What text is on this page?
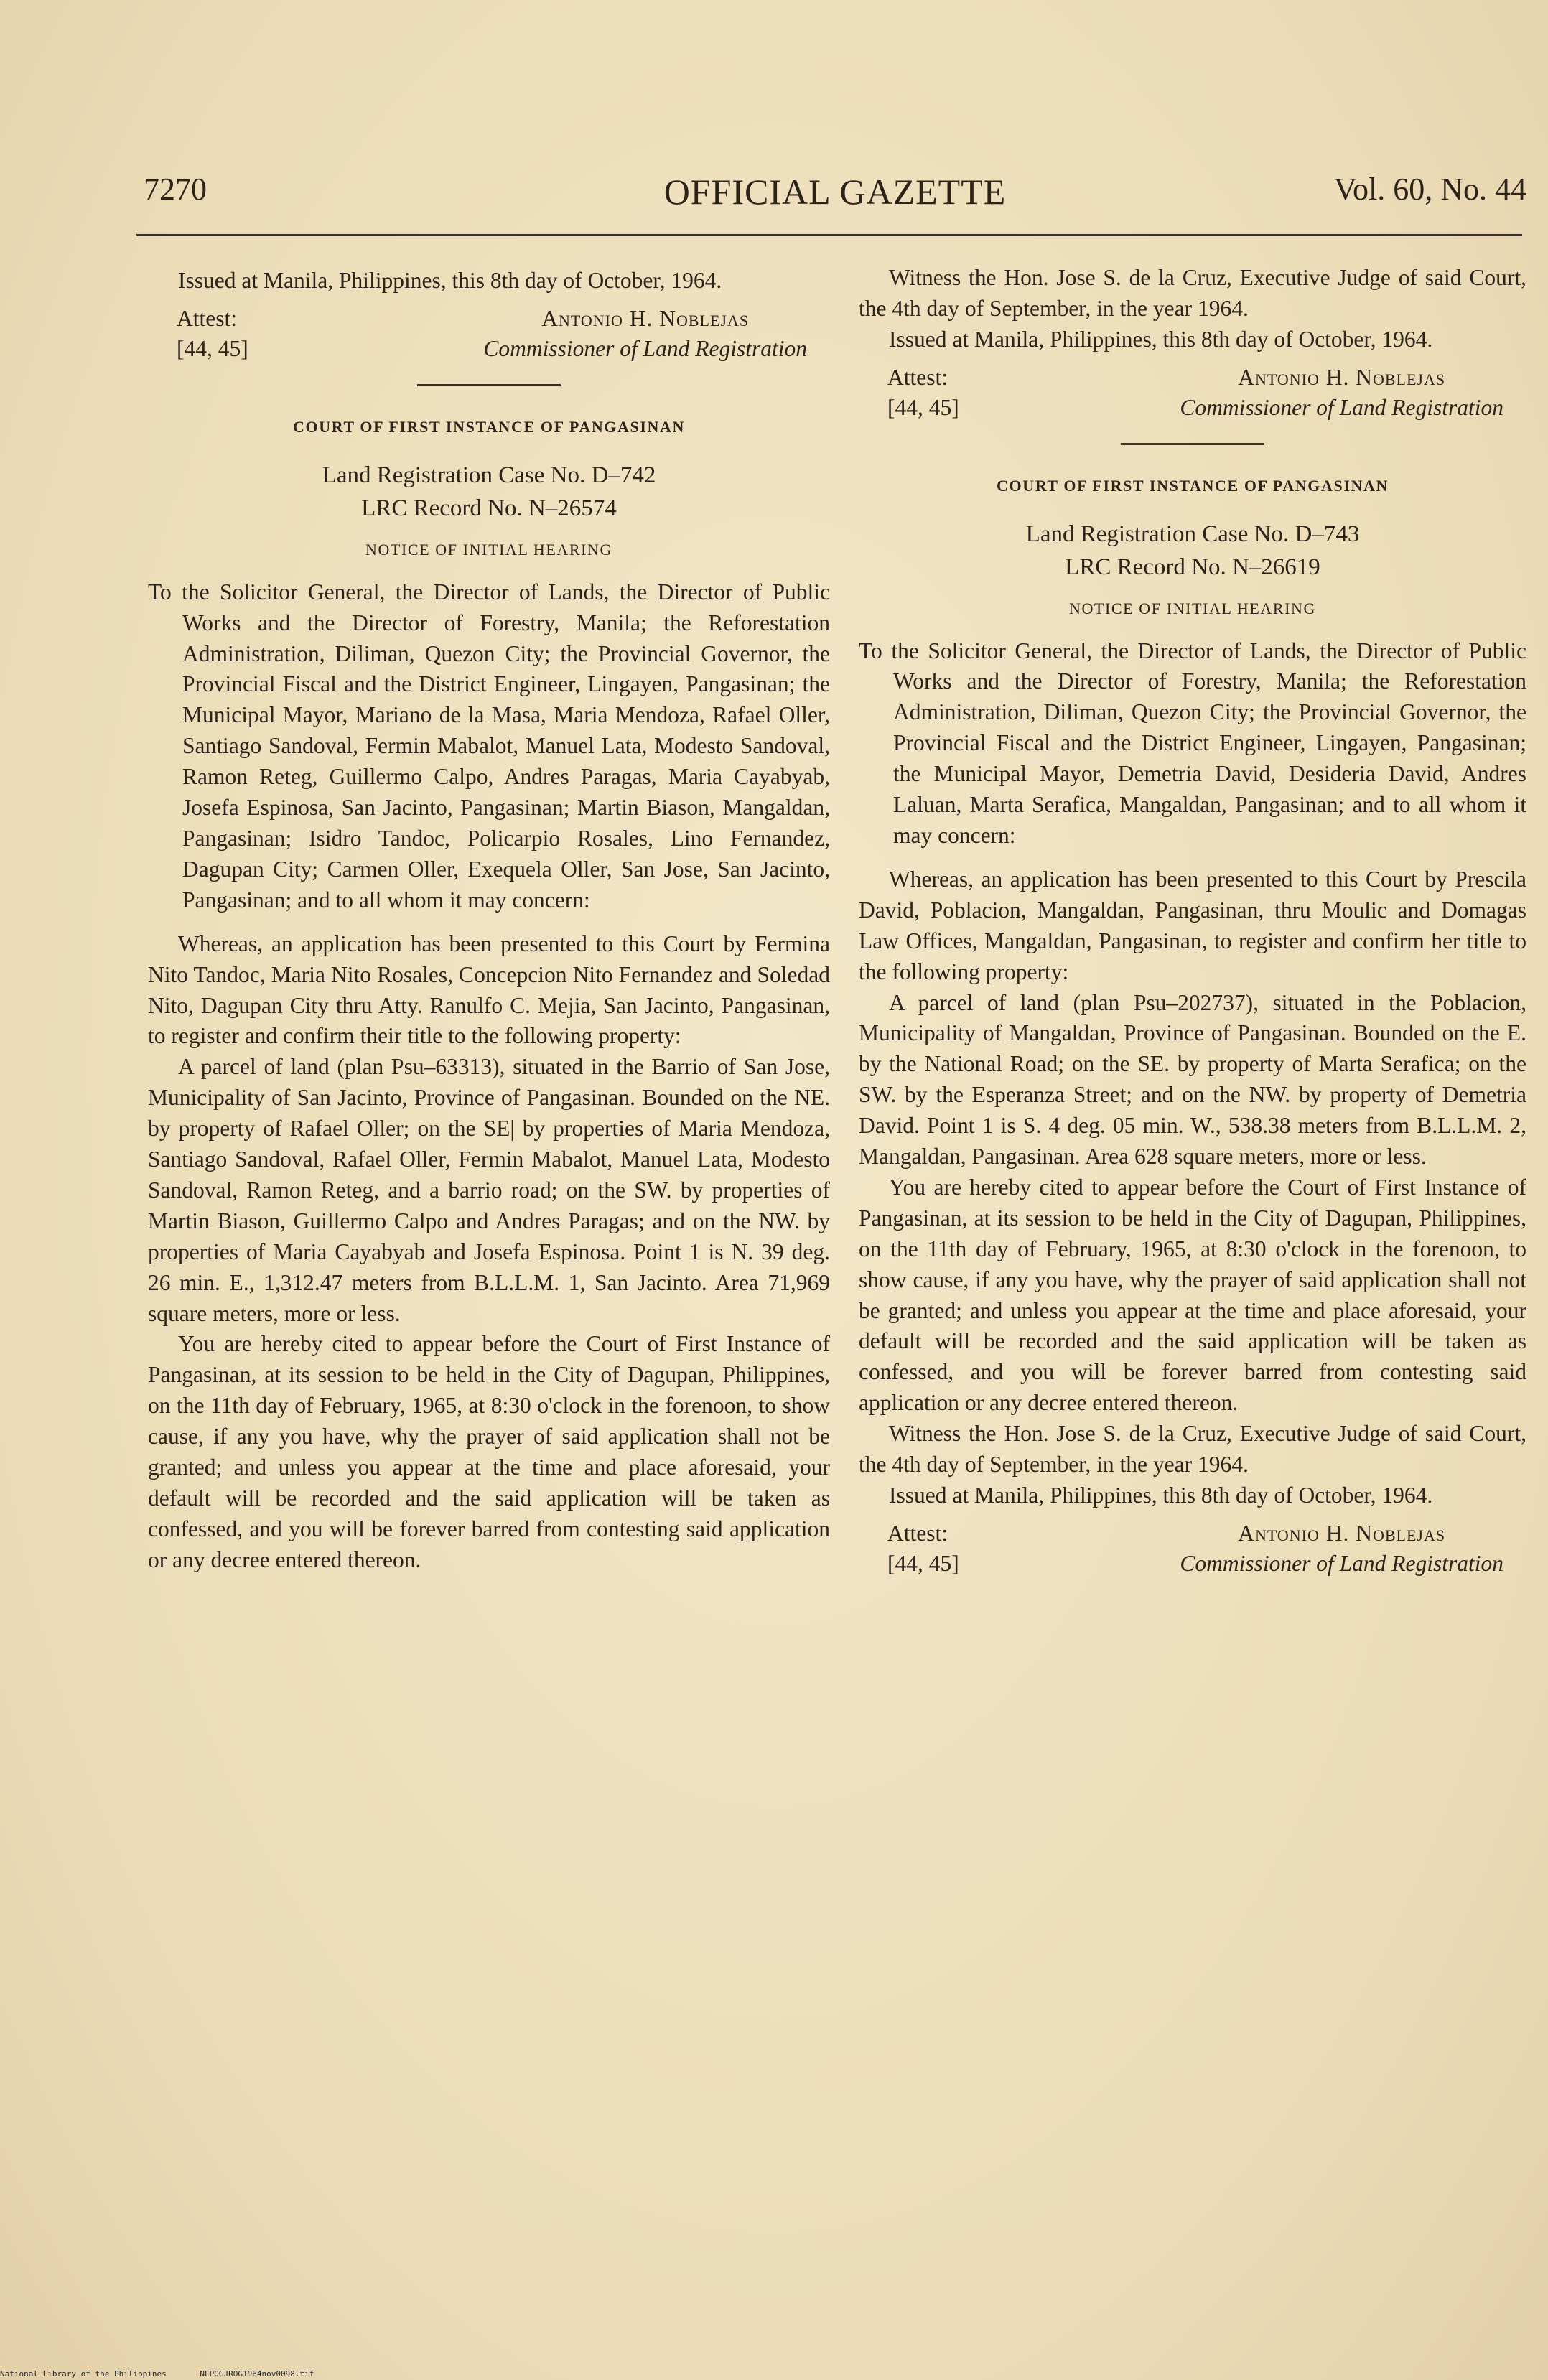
7270	OFFICIAL GAZETTE	Vol. 60, No. 44

Issued at Manila, Philippines, this 8th day of October, 1964.

Attest:
[44, 45]
Antonio H. Noblejas
Commissioner of Land Registration
COURT OF FIRST INSTANCE OF PANGASINAN
Land Registration Case No. D–742
LRC Record No. N–26574
NOTICE OF INITIAL HEARING

To the Solicitor General, the Director of Lands, the Director of Public Works and the Director of Forestry, Manila; the Reforestation Administration, Diliman, Quezon City; the Provincial Governor, the Provincial Fiscal and the District Engineer, Lingayen, Pangasinan; the Municipal Mayor, Mariano de la Masa, Maria Mendoza, Rafael Oller, Santiago Sandoval, Fermin Mabalot, Manuel Lata, Modesto Sandoval, Ramon Reteg, Guillermo Calpo, Andres Paragas, Maria Cayabyab, Josefa Espinosa, San Jacinto, Pangasinan; Martin Biason, Mangaldan, Pangasinan; Isidro Tandoc, Policarpio Rosales, Lino Fernandez, Dagupan City; Carmen Oller, Exequela Oller, San Jose, San Jacinto, Pangasinan; and to all whom it may concern:

Whereas, an application has been presented to this Court by Fermina Nito Tandoc, Maria Nito Rosales, Concepcion Nito Fernandez and Soledad Nito, Dagupan City thru Atty. Ranulfo C. Mejia, San Jacinto, Pangasinan, to register and confirm their title to the following property:

A parcel of land (plan Psu–63313), situated in the Barrio of San Jose, Municipality of San Jacinto, Province of Pangasinan. Bounded on the NE. by property of Rafael Oller; on the SE| by properties of Maria Mendoza, Santiago Sandoval, Rafael Oller, Fermin Mabalot, Manuel Lata, Modesto Sandoval, Ramon Reteg, and a barrio road; on the SW. by properties of Martin Biason, Guillermo Calpo and Andres Paragas; and on the NW. by properties of Maria Cayabyab and Josefa Espinosa. Point 1 is N. 39 deg. 26 min. E., 1,312.47 meters from B.L.L.M. 1, San Jacinto. Area 71,969 square meters, more or less.

You are hereby cited to appear before the Court of First Instance of Pangasinan, at its session to be held in the City of Dagupan, Philippines, on the 11th day of February, 1965, at 8:30 o'clock in the forenoon, to show cause, if any you have, why the prayer of said application shall not be granted; and unless you appear at the time and place aforesaid, your default will be recorded and the said application will be taken as confessed, and you will be forever barred from contesting said application or any decree entered thereon.

Witness the Hon. Jose S. de la Cruz, Executive Judge of said Court, the 4th day of September, in the year 1964.

Issued at Manila, Philippines, this 8th day of October, 1964.

Attest:
[44, 45]
Antonio H. Noblejas
Commissioner of Land Registration
COURT OF FIRST INSTANCE OF PANGASINAN
Land Registration Case No. D–743
LRC Record No. N–26619
NOTICE OF INITIAL HEARING

To the Solicitor General, the Director of Lands, the Director of Public Works and the Director of Forestry, Manila; the Reforestation Administration, Diliman, Quezon City; the Provincial Governor, the Provincial Fiscal and the District Engineer, Lingayen, Pangasinan; the Municipal Mayor, Demetria David, Desideria David, Andres Laluan, Marta Serafica, Mangaldan, Pangasinan; and to all whom it may concern:

Whereas, an application has been presented to this Court by Prescila David, Poblacion, Mangaldan, Pangasinan, thru Moulic and Domagas Law Offices, Mangaldan, Pangasinan, to register and confirm her title to the following property:

A parcel of land (plan Psu–202737), situated in the Poblacion, Municipality of Mangaldan, Province of Pangasinan. Bounded on the E. by the National Road; on the SE. by property of Marta Serafica; on the SW. by the Esperanza Street; and on the NW. by property of Demetria David. Point 1 is S. 4 deg. 05 min. W., 538.38 meters from B.L.L.M. 2, Mangaldan, Pangasinan. Area 628 square meters, more or less.

You are hereby cited to appear before the Court of First Instance of Pangasinan, at its session to be held in the City of Dagupan, Philippines, on the 11th day of February, 1965, at 8:30 o'clock in the forenoon, to show cause, if any you have, why the prayer of said application shall not be granted; and unless you appear at the time and place aforesaid, your default will be recorded and the said application will be taken as confessed, and you will be forever barred from contesting said application or any decree entered thereon.

Witness the Hon. Jose S. de la Cruz, Executive Judge of said Court, the 4th day of September, in the year 1964.

Issued at Manila, Philippines, this 8th day of October, 1964.

Attest:
[44, 45]
Antonio H. Noblejas
Commissioner of Land Registration
National Library of the Philippines	NLPOGJROG1964nov0098.tif
